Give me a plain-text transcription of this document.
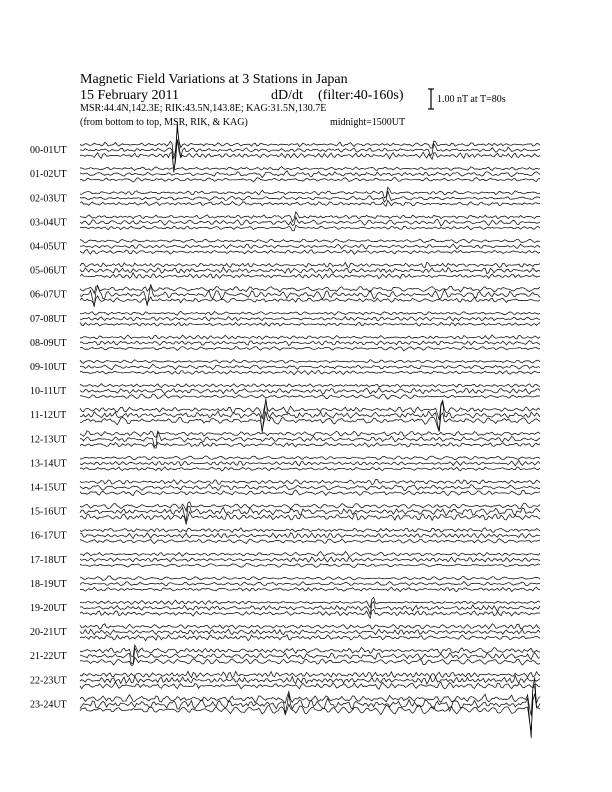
Magnetic Field Variations at 3 Stations in Japan
15 February 2011	dD/dt (filter:40-160s)
MSR:44.4N,142.3E; RIK:43.5N,143.8E; KAG:31.5N,130.7E
(from bottom to top, MSR, RIK, & KAG)	midnight=1500UT
1.00 nT at T=80s
00-01UT
01-02UT
02-03UT
03-04UT
04-05UT
05-06UT
06-07UT
07-08UT
08-09UT
09-10UT
10-11UT
11-12UT
12-13UT
13-14UT
14-15UT
15-16UT
16-17UT
17-18UT
18-19UT
19-20UT
20-21UT
21-22UT
22-23UT
23-24UT
